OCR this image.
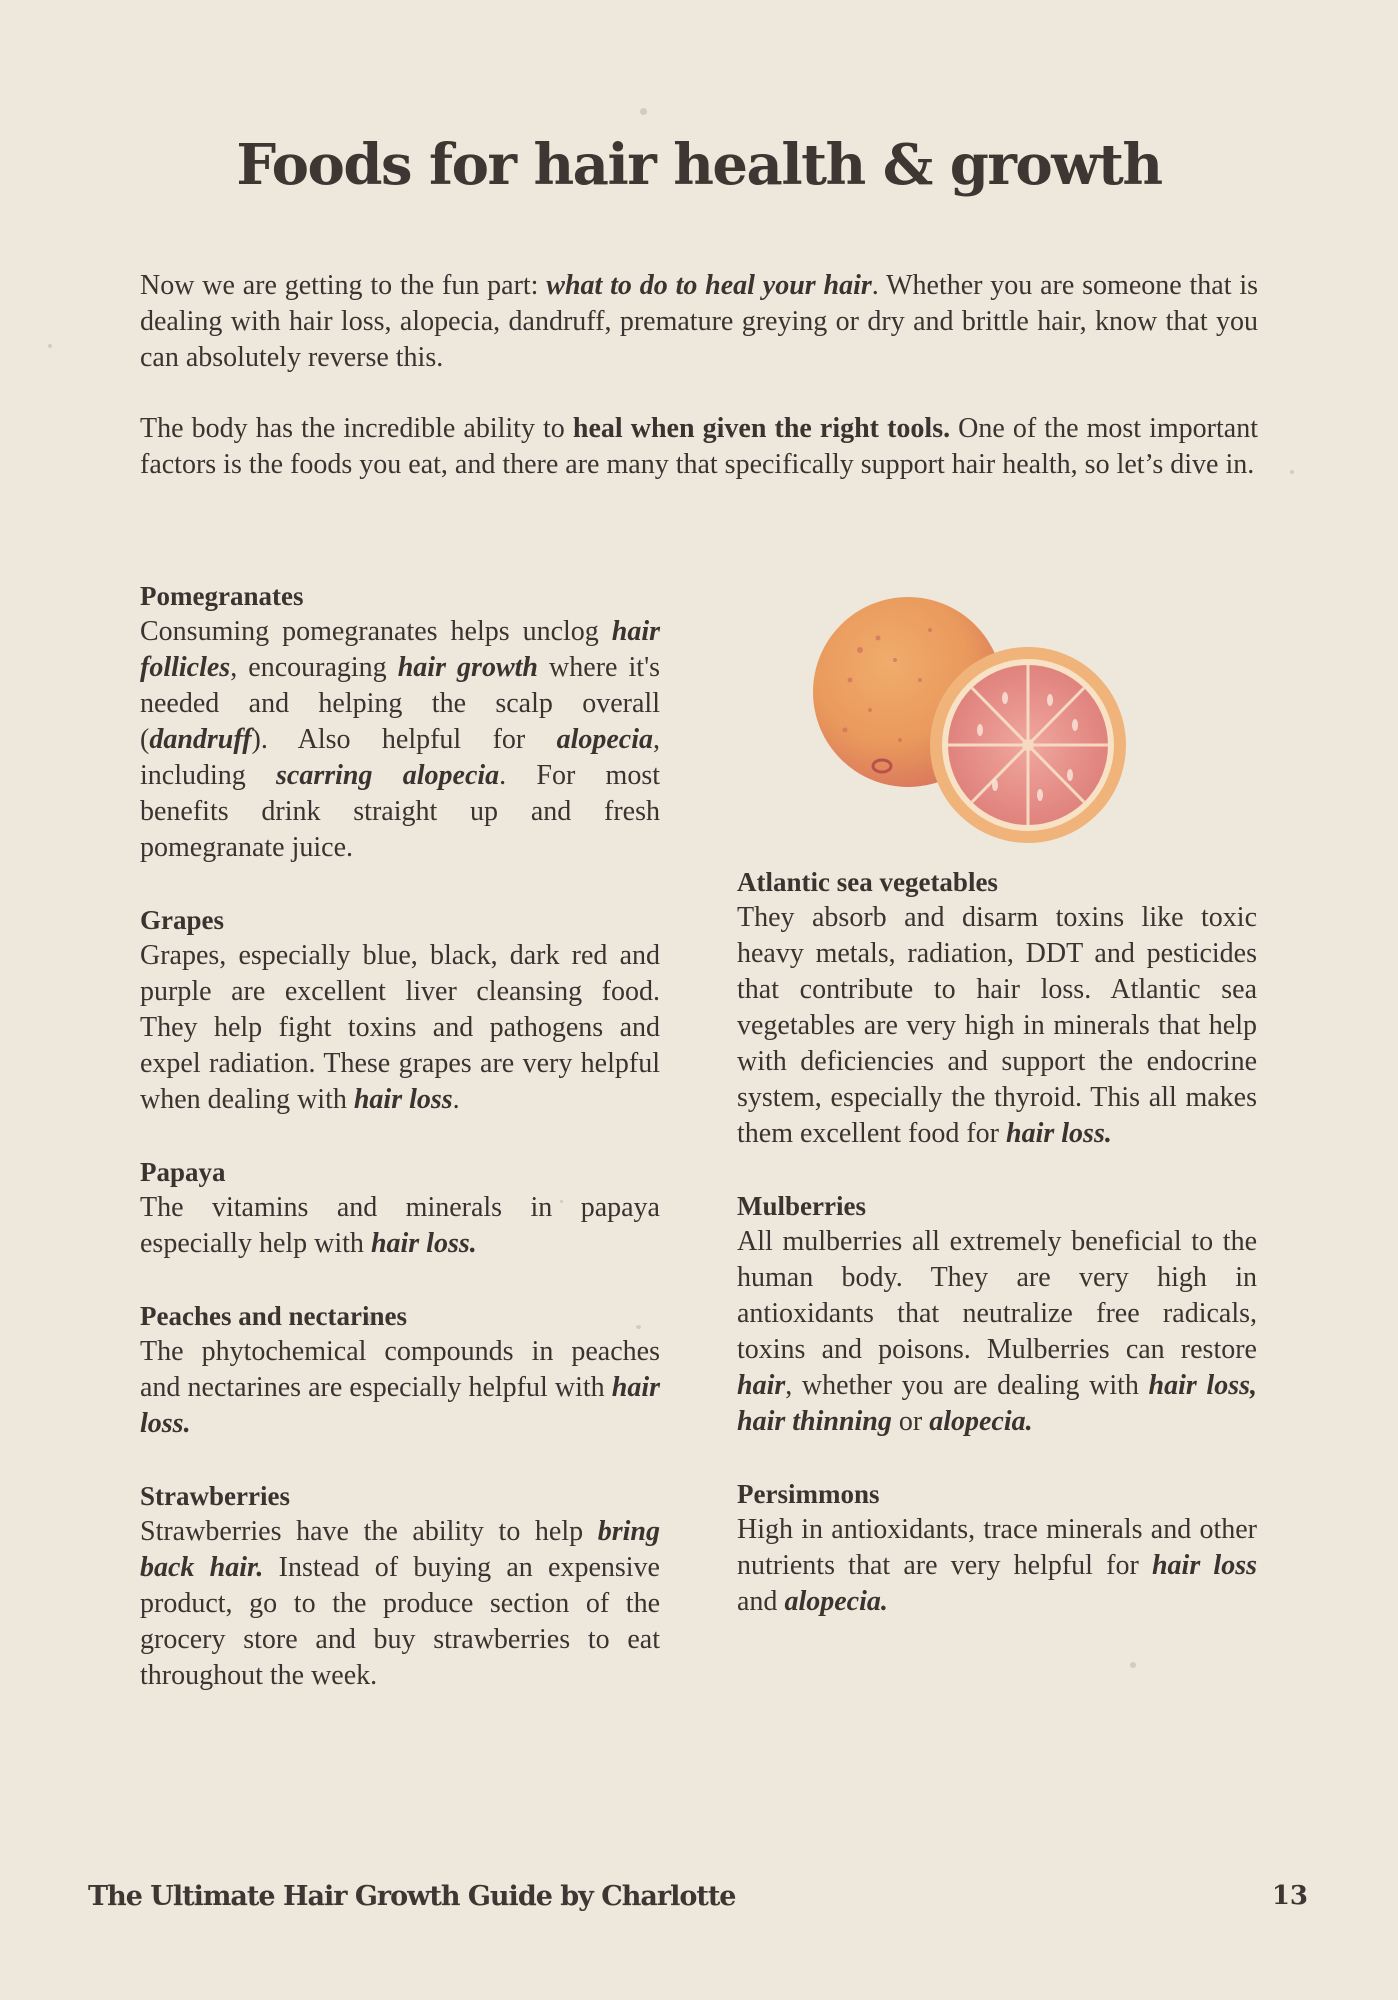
Foods for hair health & growth

Now we are getting to the fun part: what to do to heal your hair. Whether you are someone that is dealing with hair loss, alopecia, dandruff, premature greying or dry and brittle hair, know that you can absolutely reverse this.

The body has the incredible ability to heal when given the right tools. One of the most important factors is the foods you eat, and there are many that specifically support hair health, so let’s dive in.

Pomegranates

Consuming pomegranates helps unclog hair follicles, encouraging hair growth where it's needed and helping the scalp overall (dandruff). Also helpful for alopecia, including scarring alopecia. For most benefits drink straight up and fresh pomegranate juice.

Grapes

Grapes, especially blue, black, dark red and purple are excellent liver cleansing food. They help fight toxins and pathogens and expel radiation. These grapes are very helpful when dealing with hair loss.

Papaya

The vitamins and minerals in papaya especially help with hair loss.

Peaches and nectarines

The phytochemical compounds in peaches and nectarines are especially helpful with hair loss.

Strawberries

Strawberries have the ability to help bring back hair. Instead of buying an expensive product, go to the produce section of the grocery store and buy strawberries to eat throughout the week.

Atlantic sea vegetables

They absorb and disarm toxins like toxic heavy metals, radiation, DDT and pesticides that contribute to hair loss. Atlantic sea vegetables are very high in minerals that help with deficiencies and support the endocrine system, especially the thyroid. This all makes them excellent food for hair loss.

Mulberries

All mulberries all extremely beneficial to the human body. They are very high in antioxidants that neutralize free radicals, toxins and poisons. Mulberries can restore hair, whether you are dealing with hair loss, hair thinning or alopecia.

Persimmons

High in antioxidants, trace minerals and other nutrients that are very helpful for hair loss and alopecia.

The Ultimate Hair Growth Guide by Charlotte	13
